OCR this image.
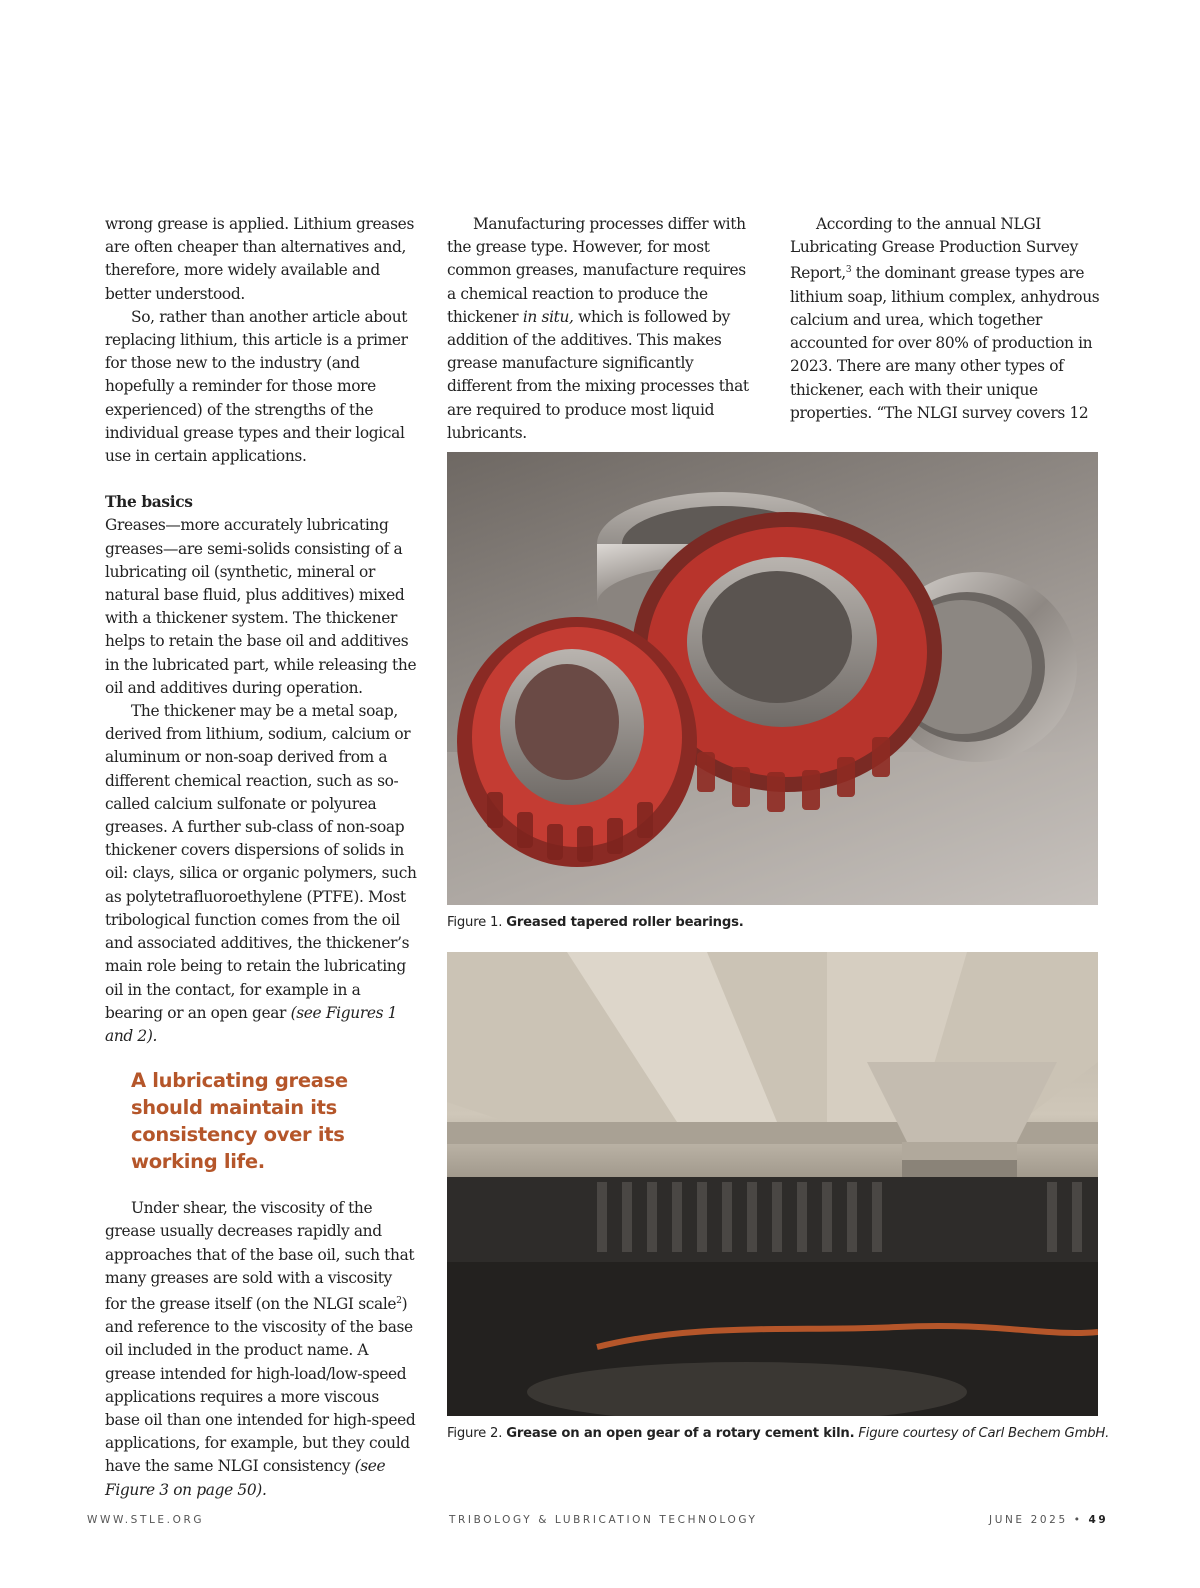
wrong grease is applied. Lithium greases are often cheaper than alternatives and, therefore, more widely available and better understood.

So, rather than another article about replacing lithium, this article is a primer for those new to the industry (and hopefully a reminder for those more experienced) of the strengths of the individual grease types and their logical use in certain applications.

The basics

Greases—more accurately lubricating greases—are semi-solids consisting of a lubricating oil (synthetic, mineral or natural base fluid, plus additives) mixed with a thickener system. The thickener helps to retain the base oil and additives in the lubricated part, while releasing the oil and additives during operation.

The thickener may be a metal soap, derived from lithium, sodium, calcium or aluminum or non-soap derived from a different chemical reaction, such as so-called calcium sulfonate or polyurea greases. A further sub-class of non-soap thickener covers dispersions of solids in oil: clays, silica or organic polymers, such as polytetrafluoroethylene (PTFE). Most tribological function comes from the oil and associated additives, the thickener’s main role being to retain the lubricating oil in the contact, for example in a bearing or an open gear (see Figures 1 and 2).

A lubricating grease should maintain its consistency over its working life.

Under shear, the viscosity of the grease usually decreases rapidly and approaches that of the base oil, such that many greases are sold with a viscosity for the grease itself (on the NLGI scale$^2$) and reference to the viscosity of the base oil included in the product name. A grease intended for high-load/low-speed applications requires a more viscous base oil than one intended for high-speed applications, for example, but they could have the same NLGI consistency (see Figure 3 on page 50).

Manufacturing processes differ with the grease type. However, for most common greases, manufacture requires a chemical reaction to produce the thickener in situ, which is followed by addition of the additives. This makes grease manufacture significantly different from the mixing processes that are required to produce most liquid lubricants.

According to the annual NLGI Lubricating Grease Production Survey Report,$^3$ the dominant grease types are lithium soap, lithium complex, anhydrous calcium and urea, which together accounted for over 80% of production in 2023. There are many other types of thickener, each with their unique properties. “The NLGI survey covers 12

Figure 1. Greased tapered roller bearings.
Figure 2. Grease on an open gear of a rotary cement kiln. Figure courtesy of Carl Bechem GmbH.
WWW.STLE.ORG	TRIBOLOGY & LUBRICATION TECHNOLOGY	JUNE 2025 • 49
